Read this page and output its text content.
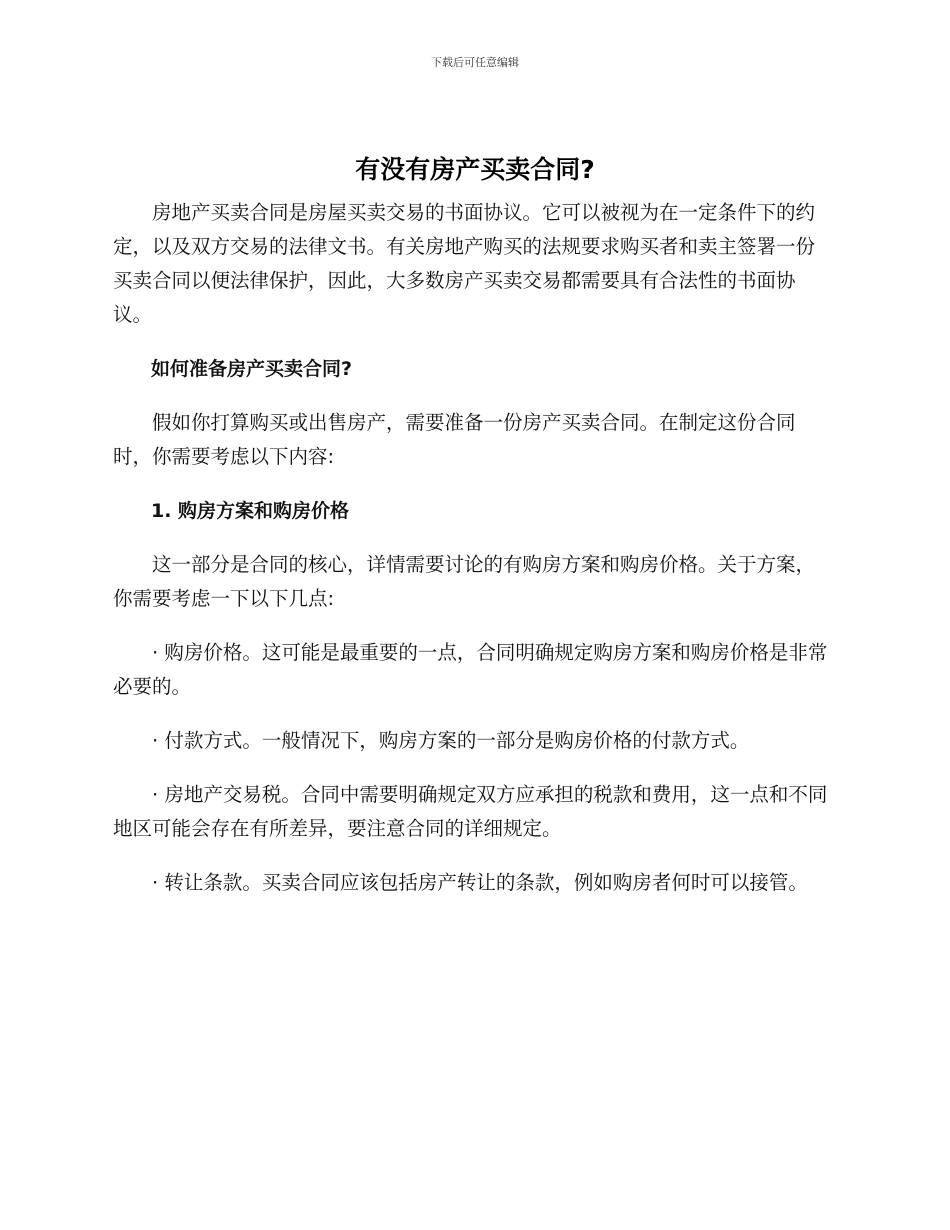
下载后可任意编辑
有没有房产买卖合同?

房地产买卖合同是房屋买卖交易的书面协议。它可以被视为在一定条件下的约定，以及双方交易的法律文书。有关房地产购买的法规要求购买者和卖主签署一份买卖合同以便法律保护，因此，大多数房产买卖交易都需要具有合法性的书面协议。

如何准备房产买卖合同?

假如你打算购买或出售房产，需要准备一份房产买卖合同。在制定这份合同时，你需要考虑以下内容:

1. 购房方案和购房价格

这一部分是合同的核心，详情需要讨论的有购房方案和购房价格。关于方案，你需要考虑一下以下几点:

· 购房价格。这可能是最重要的一点，合同明确规定购房方案和购房价格是非常必要的。

· 付款方式。一般情况下，购房方案的一部分是购房价格的付款方式。

· 房地产交易税。合同中需要明确规定双方应承担的税款和费用，这一点和不同地区可能会存在有所差异，要注意合同的详细规定。

· 转让条款。买卖合同应该包括房产转让的条款，例如购房者何时可以接管。
